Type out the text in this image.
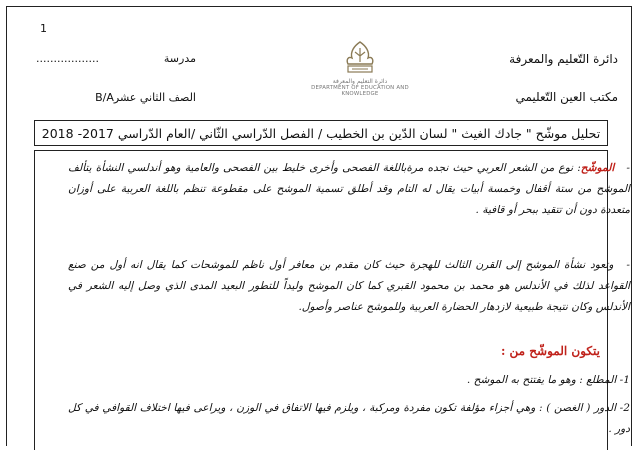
1
دائرة التّعليم والمعرفة
مكتب العين التّعليمي
مدرسة
..................
الصف الثاني عشرB/A
دائرة التعليم والمعرفة
DEPARTMENT OF EDUCATION AND KNOWLEDGE
تحليل موشّح " جادك الغيث " لسان الدّين بن الخطيب / الفصل الدّراسي الثّاني /العام الدّراسي 2017- 2018
- الموشّح: نوع من الشعر العربي حيث نجده مرةباللغة الفصحى وأخرى خليط بين الفصحى والعامية وهو أندلسي النشأة يتألف الموشح من ستة أقفال وخمسة أبيات يقال له التام وقد أطلق تسمية الموشح على مقطوعة تنظم باللغة العربية على أوزان متعددة دون أن تتقيد ببحر أو قافية .
- وتعود نشأة الموشح إلى القرن الثالث للهجرة حيث كان مقدم بن معافر أول ناظم للموشحات كما يقال انه أول من صنع القواعد لذلك في الأندلس هو محمد بن محمود القبري كما كان الموشح وليداً للتطور البعيد المدى الذي وصل إليه الشعر في الأندلس وكان نتيجة طبيعية لازدهار الحضارة العربية وللموشح عناصر وأصول.
يتكون الموشّح من :
1- المطلع : وهو ما يفتتح به الموشح .
2- الدور ( الغصن ) : وهي أجزاء مؤلفة تكون مفردة ومركبة ، ويلزم فيها الاتفاق في الوزن ، ويراعى فيها اختلاف القوافي في كل دور .
